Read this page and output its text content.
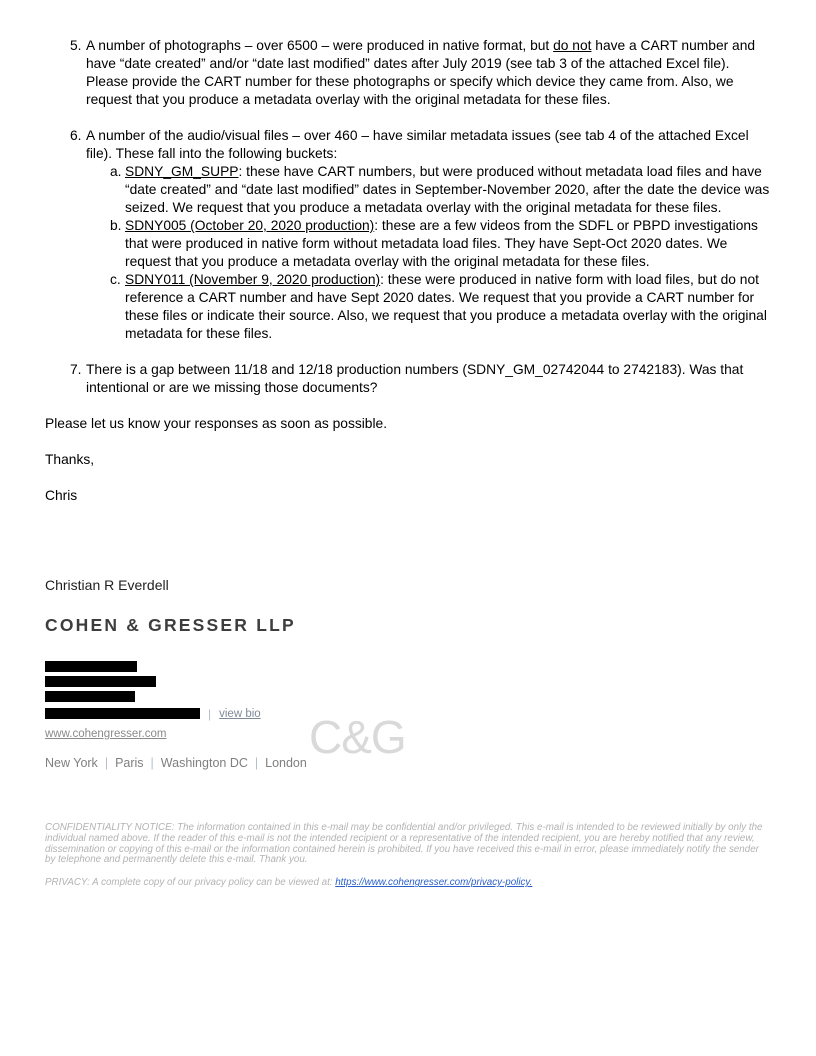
5. A number of photographs – over 6500 – were produced in native format, but do not have a CART number and have “date created” and/or “date last modified” dates after July 2019 (see tab 3 of the attached Excel file). Please provide the CART number for these photographs or specify which device they came from. Also, we request that you produce a metadata overlay with the original metadata for these files.
6. A number of the audio/visual files – over 460 – have similar metadata issues (see tab 4 of the attached Excel file). These fall into the following buckets:
a. SDNY_GM_SUPP: these have CART numbers, but were produced without metadata load files and have “date created” and “date last modified” dates in September-November 2020, after the date the device was seized. We request that you produce a metadata overlay with the original metadata for these files.
b. SDNY005 (October 20, 2020 production): these are a few videos from the SDFL or PBPD investigations that were produced in native form without metadata load files. They have Sept-Oct 2020 dates. We request that you produce a metadata overlay with the original metadata for these files.
c. SDNY011 (November 9, 2020 production): these were produced in native form with load files, but do not reference a CART number and have Sept 2020 dates. We request that you provide a CART number for these files or indicate their source. Also, we request that you produce a metadata overlay with the original metadata for these files.
7. There is a gap between 11/18 and 12/18 production numbers (SDNY_GM_02742044 to 2742183). Was that intentional or are we missing those documents?

Please let us know your responses as soon as possible.

Thanks,

Chris

Christian R Everdell
COHEN & GRESSER LLP
| view bio
www.cohengresser.com
New York | Paris | Washington DC | London C&G

CONFIDENTIALITY NOTICE: The information contained in this e-mail may be confidential and/or privileged. This e-mail is intended to be reviewed initially by only the individual named above. If the reader of this e-mail is not the intended recipient or a representative of the intended recipient, you are hereby notified that any review, dissemination or copying of this e-mail or the information contained herein is prohibited. If you have received this e-mail in error, please immediately notify the sender by telephone and permanently delete this e-mail. Thank you.

PRIVACY: A complete copy of our privacy policy can be viewed at: https://www.cohengresser.com/privacy-policy.
